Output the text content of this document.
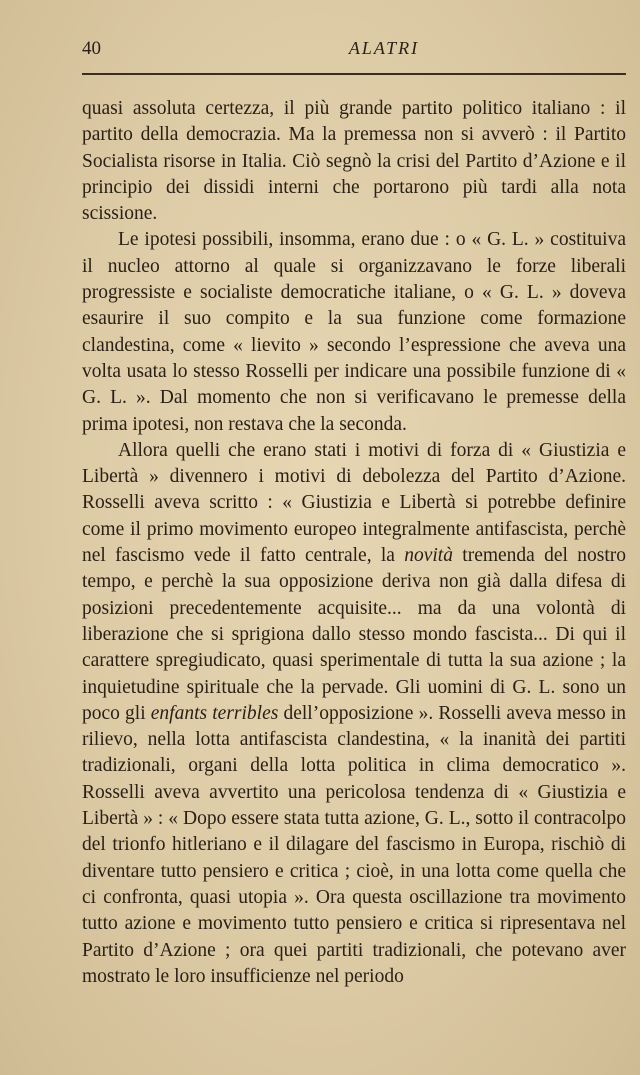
40	ALATRI

quasi assoluta certezza, il più grande partito politico italiano : il partito della democrazia. Ma la premessa non si avverò : il Partito Socialista risorse in Italia. Ciò segnò la crisi del Partito d’Azione e il principio dei dissidi interni che portarono più tardi alla nota scissione.

Le ipotesi possibili, insomma, erano due : o « G. L. » costituiva il nucleo attorno al quale si organizzavano le forze liberali progressiste e socialiste democratiche italiane, o « G. L. » doveva esaurire il suo compito e la sua funzione come formazione clandestina, come « lievito » secondo l’espressione che aveva una volta usata lo stesso Rosselli per indicare una possibile funzione di « G. L. ». Dal momento che non si verificavano le premesse della prima ipotesi, non restava che la seconda.

Allora quelli che erano stati i motivi di forza di « Giustizia e Libertà » divennero i motivi di debolezza del Partito d’Azione. Rosselli aveva scritto : « Giustizia e Libertà si potrebbe definire come il primo movimento europeo integralmente antifascista, perchè nel fascismo vede il fatto centrale, la novità tremenda del nostro tempo, e perchè la sua opposizione deriva non già dalla difesa di posizioni precedentemente acquisite... ma da una volontà di liberazione che si sprigiona dallo stesso mondo fascista... Di qui il carattere spregiudicato, quasi sperimentale di tutta la sua azione ; la inquietudine spirituale che la pervade. Gli uomini di G. L. sono un poco gli enfants terribles dell’opposizione ». Rosselli aveva messo in rilievo, nella lotta antifascista clandestina, « la inanità dei partiti tradizionali, organi della lotta politica in clima democratico ». Rosselli aveva avvertito una pericolosa tendenza di « Giustizia e Libertà » : « Dopo essere stata tutta azione, G. L., sotto il contracolpo del trionfo hitleriano e il dilagare del fascismo in Europa, rischiò di diventare tutto pensiero e critica ; cioè, in una lotta come quella che ci confronta, quasi utopia ». Ora questa oscillazione tra movimento tutto azione e movimento tutto pensiero e critica si ripresentava nel Partito d’Azione ; ora quei partiti tradizionali, che potevano aver mostrato le loro insufficienze nel periodo
